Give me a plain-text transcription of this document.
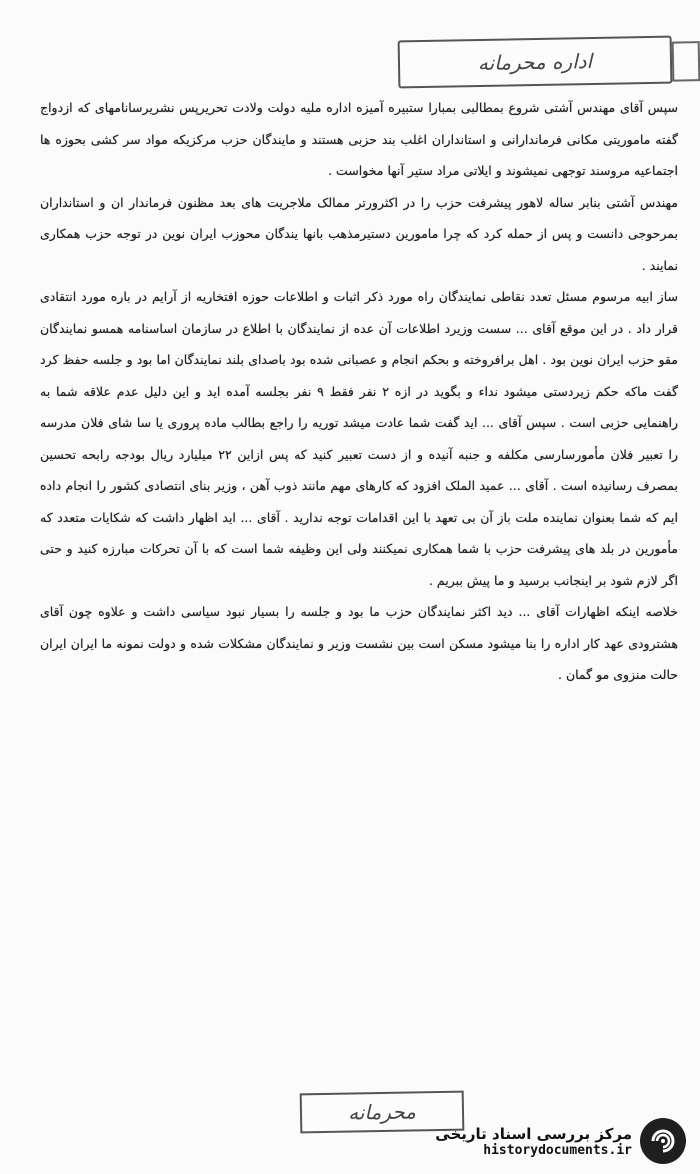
اداره محرمانه

سپس آقای مهندس آشتی شروع بمطالبی بمبارا ستبیره آمیزه اداره ملیه دولت ولادت تحریرپس نشریرسانامهای که ازدواج گفته ماموریتی مکانی فرماندارانی و استانداران اغلب بند حزبی هستند و مایندگان حزب مرکزیکه مواد سر کشی بحوزه ها اجتماعیه مروسند توجهی نمیشوند و ایلاتی مراد ستیر آنها مخواست .

مهندس آشتی بنابر ساله لاهور پیشرفت حزب را در اکثرورتر ممالک ملاجریت های بعد مظنون فرماندار ان و استانداران بمرحوجی دانست و پس از حمله کرد که چرا مامورین دستیرمذهب بانها یندگان محوزب ایران نوین در توجه حزب همکاری نمایند .

ساز ابیه مرسوم مسئل تعدد نقاطی نمایندگان راه مورد ذکر اثبات و اطلاعات حوزه افتخاریه از آرایم در باره مورد انتقادی قرار داد . در این موقع آقای ... سست وزیرد اطلاعات آن عده از نمایندگان با اطلاع در سازمان اساسنامه همسو نمایندگان مقو حزب ایران نوین بود . اهل برافروخته و بحکم انجام و عصبانی شده بود باصدای بلند نمایندگان اما بود و جلسه حفظ کرد گفت ماکه حکم زیردستی میشود نداء و بگوید در ازه ۲ نفر فقط ۹ نفر بجلسه آمده اید و این دلیل عدم علاقه شما به راهنمایی حزبی است . سپس آقای ... اید گفت شما عادت میشد توریه را راجع بطالب ماده پروری یا سا شای فلان مدرسه را تعبیر فلان مأمورسارسی مکلفه و جنبه آنیده و از دست تعبیر کنید که پس ازاین ۲۲ میلیارد ریال بودجه رابحه تحسین بمصرف رسانیده است . آقای ... عمید الملک افزود که کارهای مهم مانند ذوب آهن ، وزیر بنای انتصادی کشور را انجام داده ایم که شما بعنوان نماینده ملت باز آن بی تعهد با این اقدامات توجه ندارید . آقای ... اید اظهار داشت که شکایات متعدد که مأمورین در بلد های پیشرفت حزب با شما همکاری نمیکنند ولی این وظیفه شما است که با آن تحرکات مبارزه کنید و حتی اگر لازم شود بر اینجانب برسید و ما پیش ببریم .

خلاصه اینکه اظهارات آقای ... دید اکثر نمایندگان حزب ما بود و جلسه را بسیار نبود سیاسی داشت و علاوه چون آقای هشترودی عهد کار اداره را بنا میشود مسکن است بین نشست وزیر و نمایندگان مشکلات شده و دولت نمونه ما ایران ایران حالت منزوی مو گمان .

محرمانه
مرکز بررسی اسناد تاریخی
historydocuments.ir
